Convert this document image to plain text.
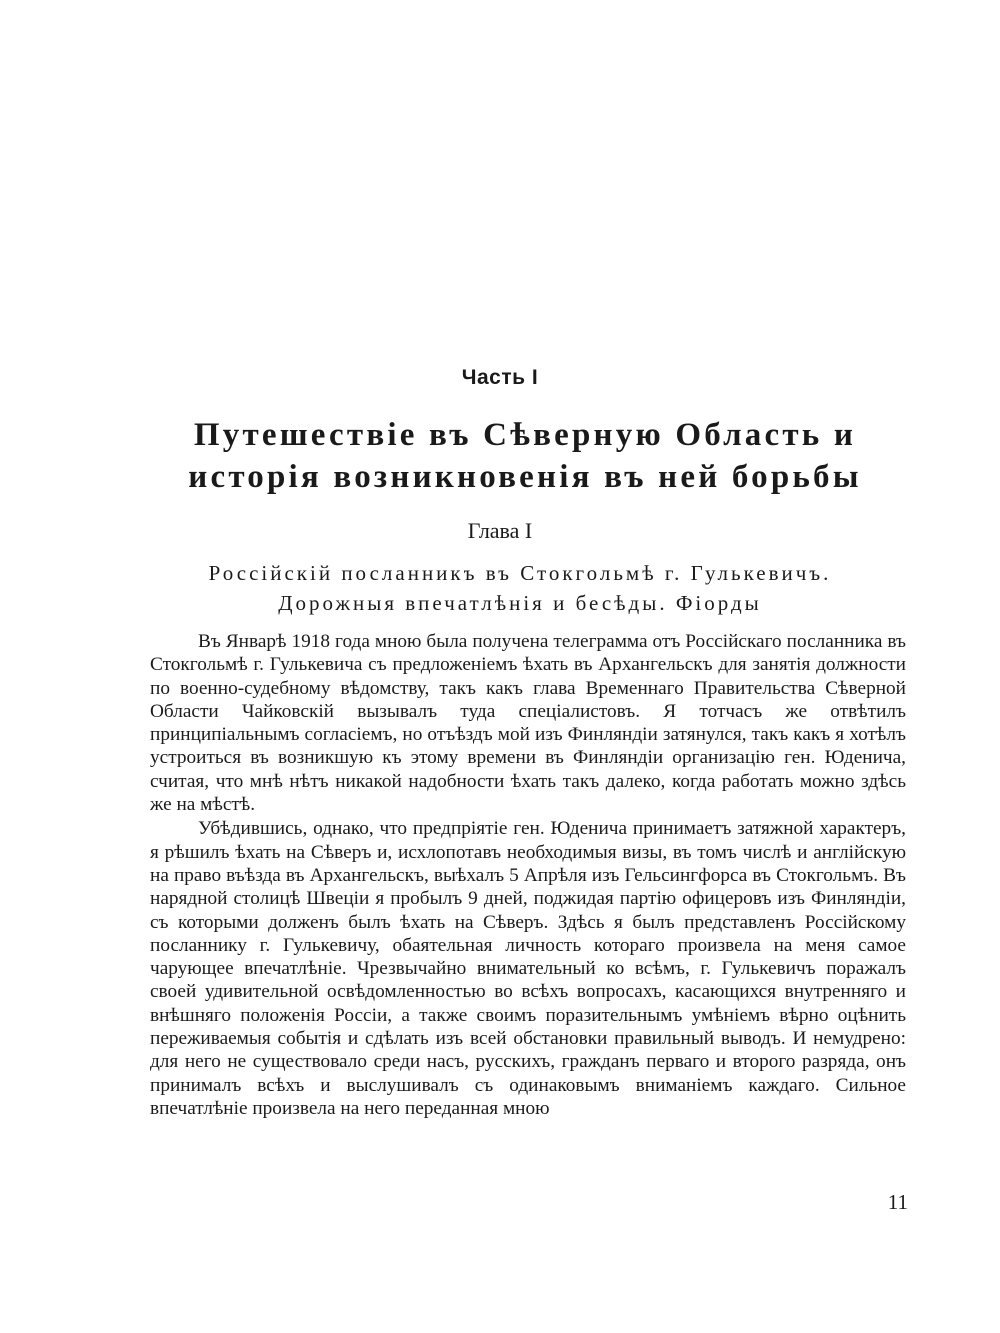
Часть I
Путешествіе въ Сѣверную Область и исторія возникновенія въ ней борьбы
Глава I
Россійскій посланникъ въ Стокгольмѣ г. Гулькевичъ. Дорожныя впечатлѣнія и бесѣды. Фіорды

Въ Январѣ 1918 года мною была получена телеграмма отъ Россійскаго посланника въ Стокгольмѣ г. Гулькевича съ предложеніемъ ѣхать въ Архангельскъ для занятія должности по военно-судебному вѣдомству, такъ какъ глава Временнаго Правительства Сѣверной Области Чайковскій вызывалъ туда спеціалистовъ. Я тотчасъ же отвѣтилъ принципіальнымъ согласіемъ, но отъѣздъ мой изъ Финляндіи затянулся, такъ какъ я хотѣлъ устроиться въ возникшую къ этому времени въ Финляндіи организацію ген. Юденича, считая, что мнѣ нѣтъ никакой надобности ѣхать такъ далеко, когда работать можно здѣсь же на мѣстѣ.

Убѣдившись, однако, что предпріятіе ген. Юденича принимаетъ затяжной характеръ, я рѣшилъ ѣхать на Сѣверъ и, исхлопотавъ необходимыя визы, въ томъ числѣ и англійскую на право въѣзда въ Архангельскъ, выѣхалъ 5 Апрѣля изъ Гельсингфорса въ Стокгольмъ. Въ нарядной столицѣ Швеціи я пробылъ 9 дней, поджидая партію офицеровъ изъ Финляндіи, съ которыми долженъ былъ ѣхать на Сѣверъ. Здѣсь я былъ представленъ Россійскому посланнику г. Гулькевичу, обаятельная личность котораго произвела на меня самое чарующее впечатлѣніе. Чрезвычайно внимательный ко всѣмъ, г. Гулькевичъ поражалъ своей удивительной освѣдомленностью во всѣхъ вопросахъ, касающихся внутренняго и внѣшняго положенія Россіи, а также своимъ поразительнымъ умѣніемъ вѣрно оцѣнить переживаемыя событія и сдѣлать изъ всей обстановки правильный выводъ. И немудрено: для него не существовало среди насъ, русскихъ, гражданъ перваго и второго разряда, онъ принималъ всѣхъ и выслушивалъ съ одинаковымъ вниманіемъ каждаго. Сильное впечатлѣніе произвела на него переданная мною

11
